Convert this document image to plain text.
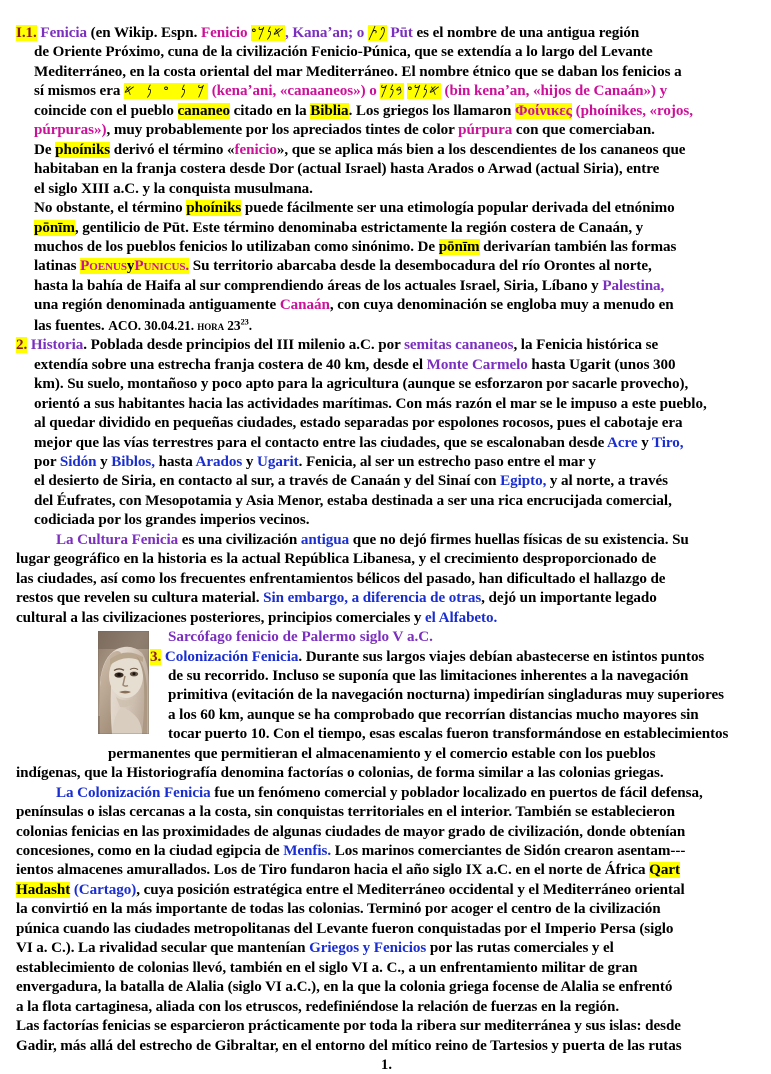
I.1. Fenicia (en Wikip. Espn. Fenicio 𐤀𐤍𐤊𐤏, Kanaʼan; o 𐤐𐤕 Pūt es el nombre de una antigua región
de Oriente Próximo, cuna de la civilización Fenicio-Púnica, que se extendía a lo largo del Levante
Mediterráneo, en la costa oriental del mar Mediterráneo. El nombre étnico que se daban los fenicios a
sí mismos era 𐤊 𐤍 𐤏 𐤍 𐤀 (kenaʼani, «canaaneos») o 𐤀𐤍𐤊𐤏 𐤁𐤍𐤊	(bin kenaʼan, «hijos de Canaán») y
coincide con el pueblo cananeo citado en la Biblia. Los griegos los llamaron Φοίνικες (phoínikes, «rojos,
púrpuras»), muy probablemente por los apreciados tintes de color púrpura con que comerciaban.
De phoíniks derivó el término «fenicio», que se aplica más bien a los descendientes de los cananeos que
habitaban en la franja costera desde Dor (actual Israel) hasta Arados o Arwad (actual Siria), entre
el siglo XIII a.C. y la conquista musulmana.
No obstante, el término phoíniks puede fácilmente ser una etimología popular derivada del etnónimo
pōnīm, gentilicio de Pūt. Este término denominaba estrictamente la región costera de Canaán, y
muchos de los pueblos fenicios lo utilizaban como sinónimo. De pōnīm derivarían también las formas
latinas PoenusyPunicus. Su territorio abarcaba desde la desembocadura del río Orontes al norte,
hasta la bahía de Haifa al sur comprendiendo áreas de los actuales Israel, Siria, Líbano y Palestina,
una región denominada antiguamente Canaán, con cuya denominación se engloba muy a menudo en
las fuentes. ACO. 30.04.21. hora $23^{23}$.
2. Historia. Poblada desde principios del III milenio a.C. por semitas cananeos, la Fenicia histórica se
extendía sobre una estrecha franja costera de 40 km, desde el Monte Carmelo hasta Ugarit (unos 300
km). Su suelo, montañoso y poco apto para la agricultura (aunque se esforzaron por sacarle provecho),
orientó a sus habitantes hacia las actividades marítimas. Con más razón el mar se le impuso a este pueblo,
al quedar dividido en pequeñas ciudades, estado separadas por espolones rocosos, pues el cabotaje era
mejor que las vías terrestres para el contacto entre las ciudades, que se escalonaban desde Acre y Tiro,
por Sidón y Biblos, hasta Arados y Ugarit. Fenicia, al ser un estrecho paso entre el mar y
el desierto de Siria, en contacto al sur, a través de Canaán y del Sinaí con Egipto, y al norte, a través
del Éufrates, con Mesopotamia y Asia Menor, estaba destinada a ser una rica encrucijada comercial,
codiciada por los grandes imperios vecinos.
La Cultura Fenicia es una civilización antigua que no dejó firmes huellas físicas de su existencia. Su
lugar geográfico en la historia es la actual República Libanesa, y el crecimiento desproporcionado de
las ciudades, así como los frecuentes enfrentamientos bélicos del pasado, han dificultado el hallazgo de
restos que revelen su cultura material. Sin embargo, a diferencia de otras, dejó un importante legado
cultural a las civilizaciones posteriores, principios comerciales y el Alfabeto.
Sarcófago fenicio de Palermo siglo V a.C.
3. Colonización Fenicia. Durante sus largos viajes debían abastecerse en istintos puntos
de su recorrido. Incluso se suponía que las limitaciones inherentes a la navegación
primitiva (evitación de la navegación nocturna) impedirían singladuras muy superiores
a los 60 km, aunque se ha comprobado que recorrían distancias mucho mayores sin
tocar puerto 10. Con el tiempo, esas escalas fueron transformándose en establecimientos
permanentes que permitieran el almacenamiento y el comercio estable con los pueblos
indígenas, que la Historiografía denomina factorías o colonias, de forma similar a las colonias griegas.
La Colonización Fenicia fue un fenómeno comercial y poblador localizado en puertos de fácil defensa,
penínsulas o islas cercanas a la costa, sin conquistas territoriales en el interior. También se establecieron
colonias fenicias en las proximidades de algunas ciudades de mayor grado de civilización, donde obtenían
concesiones, como en la ciudad egipcia de Menfis. Los marinos comerciantes de Sidón crearon asentam---
ientos almacenes amurallados. Los de Tiro fundaron hacia el año siglo IX a.C. en el norte de África Qart
Hadasht (Cartago), cuya posición estratégica entre el Mediterráneo occidental y el Mediterráneo oriental
la convirtió en la más importante de todas las colonias. Terminó por acoger el centro de la civilización
púnica cuando las ciudades metropolitanas del Levante fueron conquistadas por el Imperio Persa (siglo
VI a. C.). La rivalidad secular que mantenían Griegos y Fenicios por las rutas comerciales y el
establecimiento de colonias llevó, también en el siglo VI a. C., a un enfrentamiento militar de gran
envergadura, la batalla de Alalia (siglo VI a.C.), en la que la colonia griega focense de Alalia se enfrentó
a la flota cartaginesa, aliada con los etruscos, redefiniéndose la relación de fuerzas en la región.
Las factorías fenicias se esparcieron prácticamente por toda la ribera sur mediterránea y sus islas: desde
Gadir, más allá del estrecho de Gibraltar, en el entorno del mítico reino de Tartesios y puerta de las rutas
1.
